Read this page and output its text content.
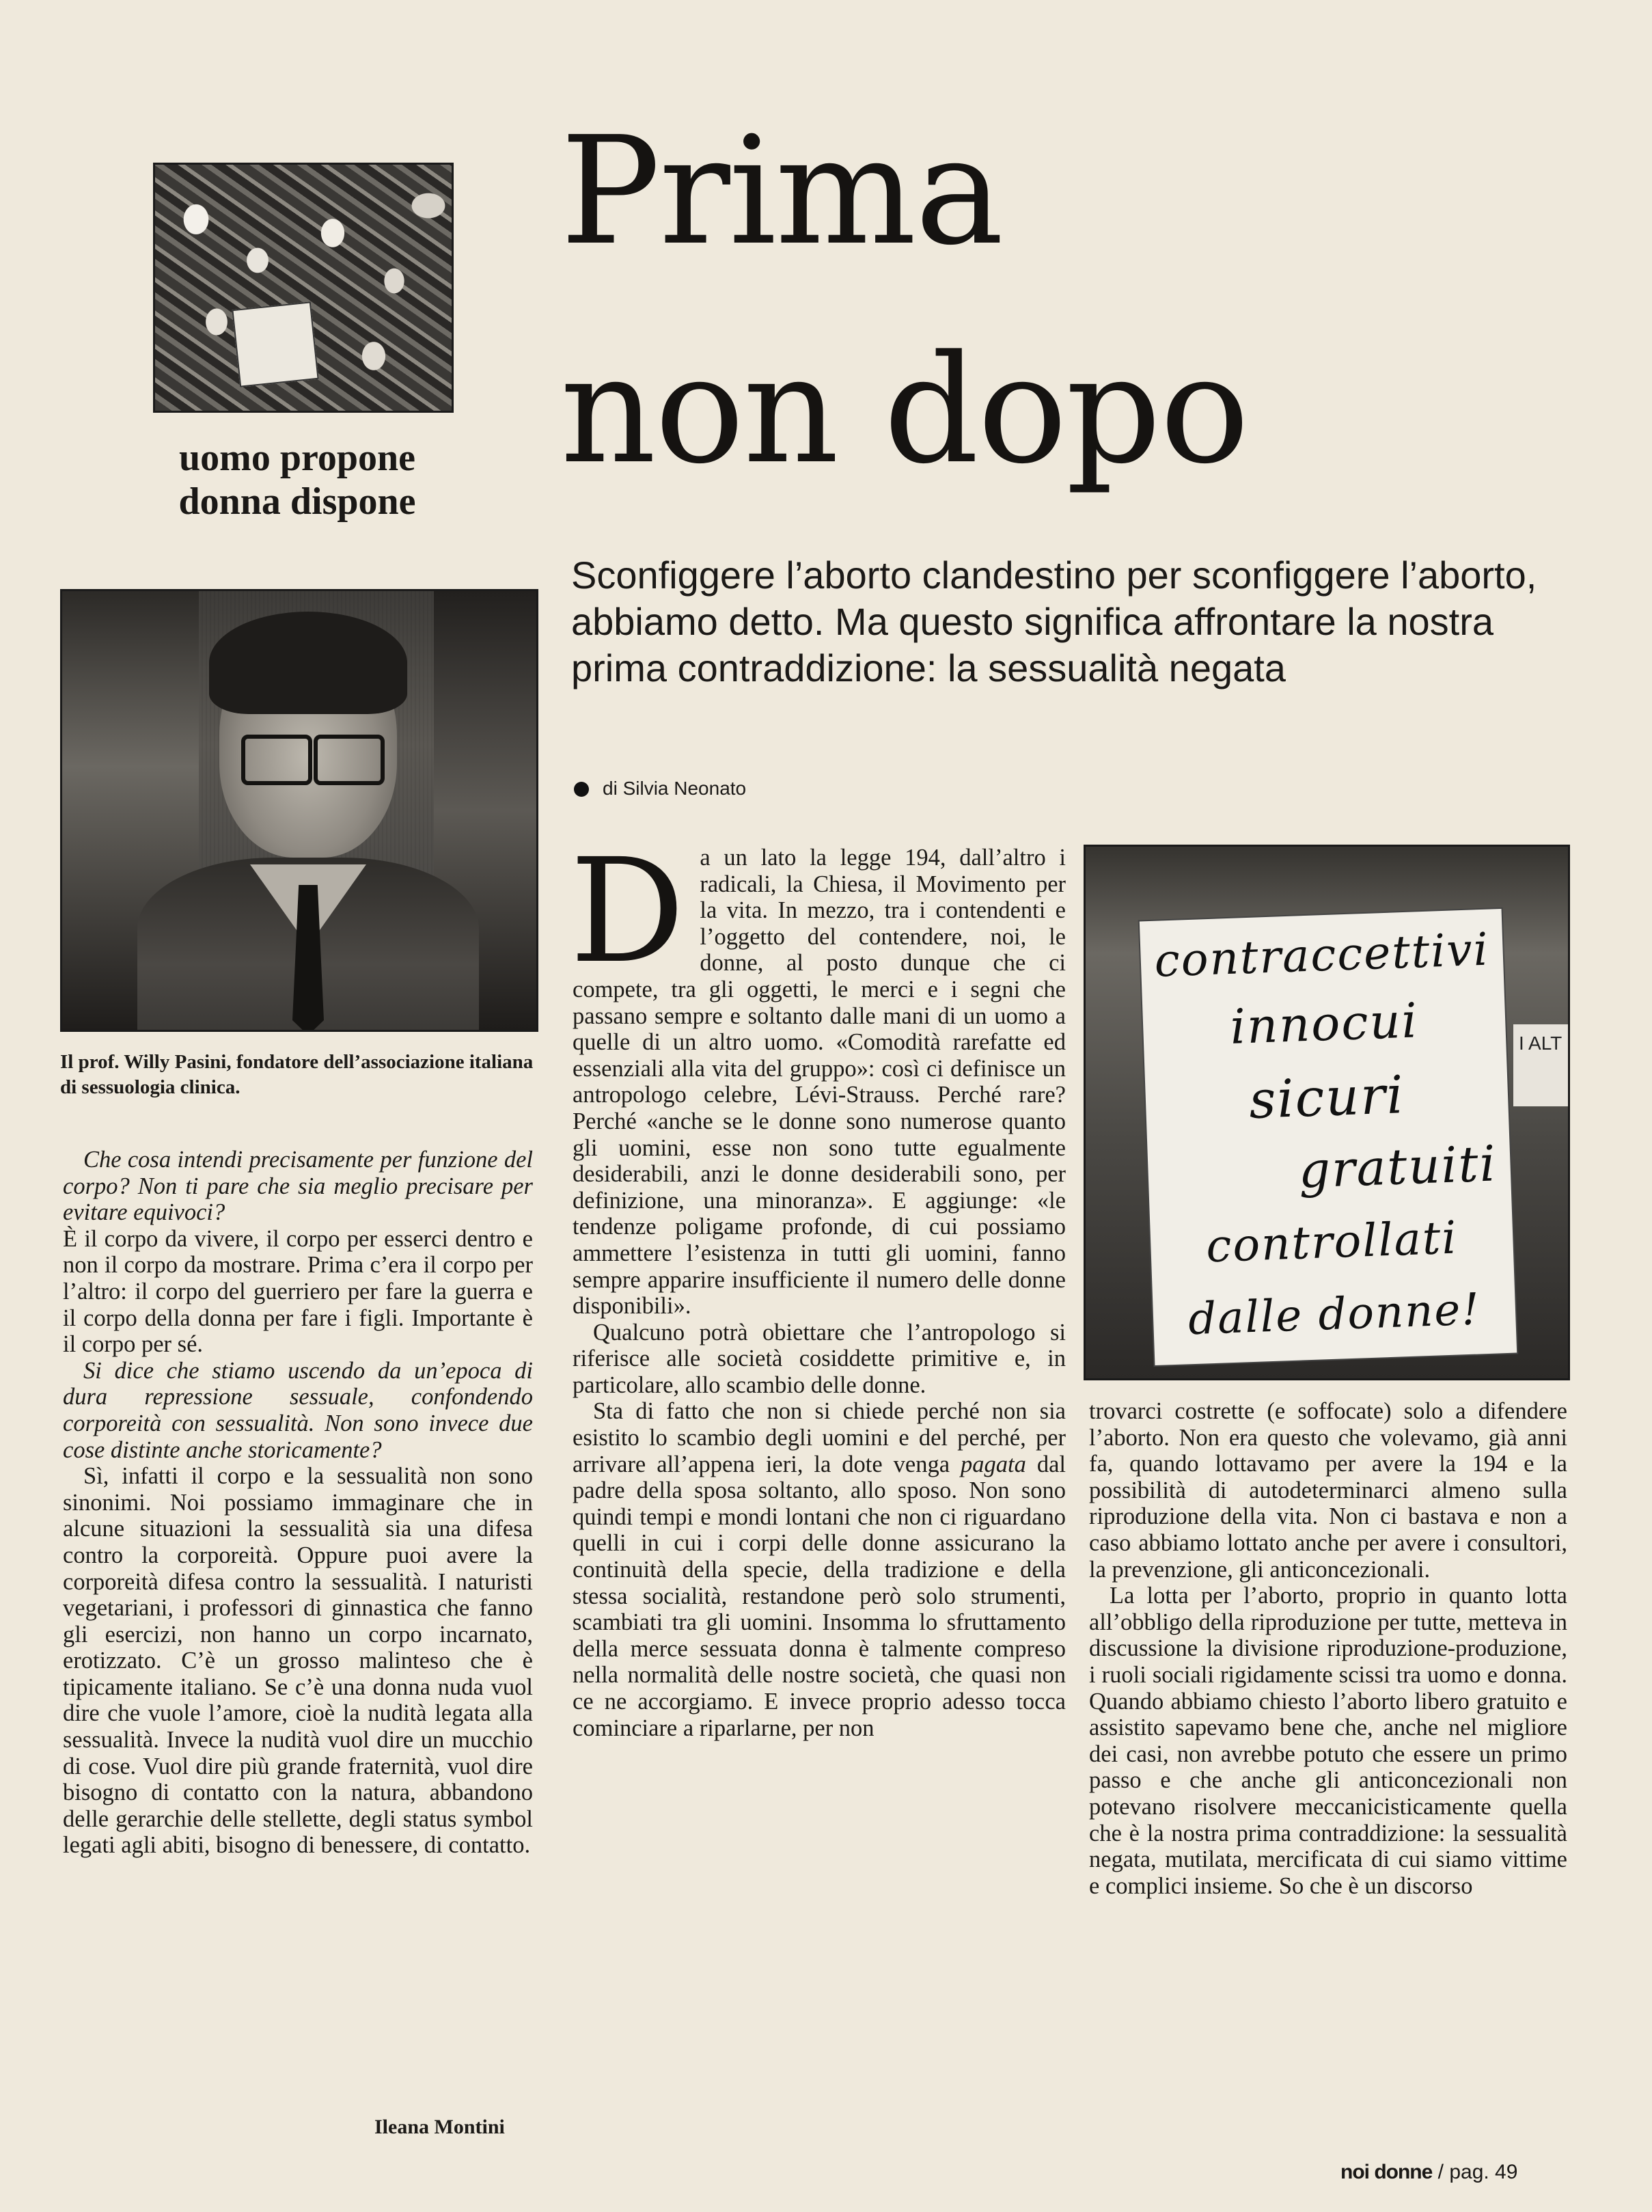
uomo propone
donna dispone
Prima
non dopo
Sconfiggere l’aborto clandestino per sconfiggere l’aborto, abbiamo detto. Ma questo significa affrontare la nostra prima contraddizione: la sessualità negata
di Silvia Neonato
Il prof. Willy Pasini, fondatore dell’associazione italiana di sessuologia clinica.

Che cosa intendi precisamente per funzione del corpo? Non ti pare che sia meglio precisare per evitare equivoci?

È il corpo da vivere, il corpo per esserci dentro e non il corpo da mostrare. Prima c’era il corpo per l’altro: il corpo del guerriero per fare la guerra e il corpo della donna per fare i figli. Importante è il corpo per sé.

Si dice che stiamo uscendo da un’epoca di dura repressione sessuale, confondendo corporeità con sessualità. Non sono invece due cose distinte anche storicamente?

Sì, infatti il corpo e la sessualità non sono sinonimi. Noi possiamo immaginare che in alcune situazioni la sessualità sia una difesa contro la corporeità. Oppure puoi avere la corporeità difesa contro la sessualità. I naturisti vegetariani, i professori di ginnastica che fanno gli esercizi, non hanno un corpo incarnato, erotizzato. C’è un grosso malinteso che è tipicamente italiano. Se c’è una donna nuda vuol dire che vuole l’amore, cioè la nudità legata alla sessualità. Invece la nudità vuol dire un mucchio di cose. Vuol dire più grande fraternità, vuol dire bisogno di contatto con la natura, abbandono delle gerarchie delle stellette, degli status symbol legati agli abiti, bisogno di benessere, di contatto.

Ileana Montini
D a un lato la legge 194, dall’altro i radicali, la Chiesa, il Movimento per la vita. In mezzo, tra i contendenti e l’oggetto del contendere, noi, le donne, al posto dunque che ci compete, tra gli oggetti, le merci e i segni che passano sempre e soltanto dalle mani di un uomo a quelle di un altro uomo. «Comodità rarefatte ed essenziali alla vita del gruppo»: così ci definisce un antropologo celebre, Lévi-Strauss. Perché rare? Perché «anche se le donne sono numerose quanto gli uomini, esse non sono tutte egualmente desiderabili, anzi le donne desiderabili sono, per definizione, una minoranza». E aggiunge: «le tendenze poligame profonde, di cui possiamo ammettere l’esistenza in tutti gli uomini, fanno sempre apparire insufficiente il numero delle donne disponibili».

Qualcuno potrà obiettare che l’antropologo si riferisce alle società cosiddette primitive e, in particolare, allo scambio delle donne.

Sta di fatto che non si chiede perché non sia esistito lo scambio degli uomini e del perché, per arrivare all’appena ieri, la dote venga pagata dal padre della sposa soltanto, allo sposo. Non sono quindi tempi e mondi lontani che non ci riguardano quelli in cui i corpi delle donne assicurano la continuità della specie, della tradizione e della stessa socialità, restandone però solo strumenti, scambiati tra gli uomini. Insomma lo sfruttamento della merce sessuata donna è talmente compreso nella normalità delle nostre società, che quasi non ce ne accorgiamo. E invece proprio adesso tocca cominciare a riparlarne, per non

I ALT
contraccettivi
innocui
sicuri
gratuiti
controllati
dalle donne!

trovarci costrette (e soffocate) solo a difendere l’aborto. Non era questo che volevamo, già anni fa, quando lottavamo per avere la 194 e la possibilità di autodeterminarci almeno sulla riproduzione della vita. Non ci bastava e non a caso abbiamo lottato anche per avere i consultori, la prevenzione, gli anticoncezionali.

La lotta per l’aborto, proprio in quanto lotta all’obbligo della riproduzione per tutte, metteva in discussione la divisione riproduzione-produzione, i ruoli sociali rigidamente scissi tra uomo e donna. Quando abbiamo chiesto l’aborto libero gratuito e assistito sapevamo bene che, anche nel migliore dei casi, non avrebbe potuto che essere un primo passo e che anche gli anticoncezionali non potevano risolvere meccanicisticamente quella che è la nostra prima contraddizione: la sessualità negata, mutilata, mercificata di cui siamo vittime e complici insieme. So che è un discorso

noi donne / pag. 49
